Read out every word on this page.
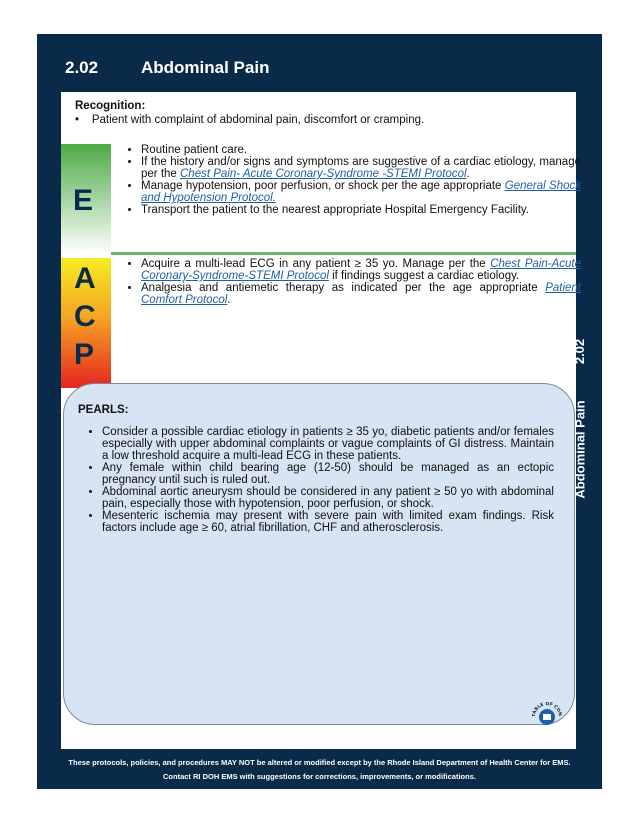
2.02	Abdominal Pain
Recognition:
•    Patient with complaint of abdominal pain, discomfort or cramping.
E
• Routine patient care.
• If the history and/or signs and symptoms are suggestive of a cardiac etiology, manage per the Chest Pain- Acute Coronary-Syndrome -STEMI Protocol.
• Manage hypotension, poor perfusion, or shock per the age appropriate General Shock and Hypotension Protocol.
• Transport the patient to the nearest appropriate Hospital Emergency Facility.
A
C
P
• Acquire a multi-lead ECG in any patient ≥ 35 yo. Manage per the Chest Pain-Acute Coronary-Syndrome-STEMI Protocol if findings suggest a cardiac etiology.
• Analgesia and antiemetic therapy as indicated per the age appropriate Patient Comfort Protocol.
PEARLS:
• Consider a possible cardiac etiology in patients ≥ 35 yo, diabetic patients and/or females especially with upper abdominal complaints or vague complaints of GI distress. Maintain a low threshold acquire a multi-lead ECG in these patients.
• Any female within child bearing age (12-50) should be managed as an ectopic pregnancy until such is ruled out.
• Abdominal aortic aneurysm should be considered in any patient ≥ 50 yo with abdominal pain, especially those with hypotension, poor perfusion, or shock.
• Mesenteric ischemia may present with severe pain with limited exam findings. Risk factors include age ≥ 60, atrial fibrillation, CHF and atherosclerosis.
TABLE OF CON
2.02
Abdominal Pain
These protocols, policies, and procedures MAY NOT be altered or modified except by the Rhode Island Department of Health Center for EMS.
Contact RI DOH EMS with suggestions for corrections, improvements, or modifications.
